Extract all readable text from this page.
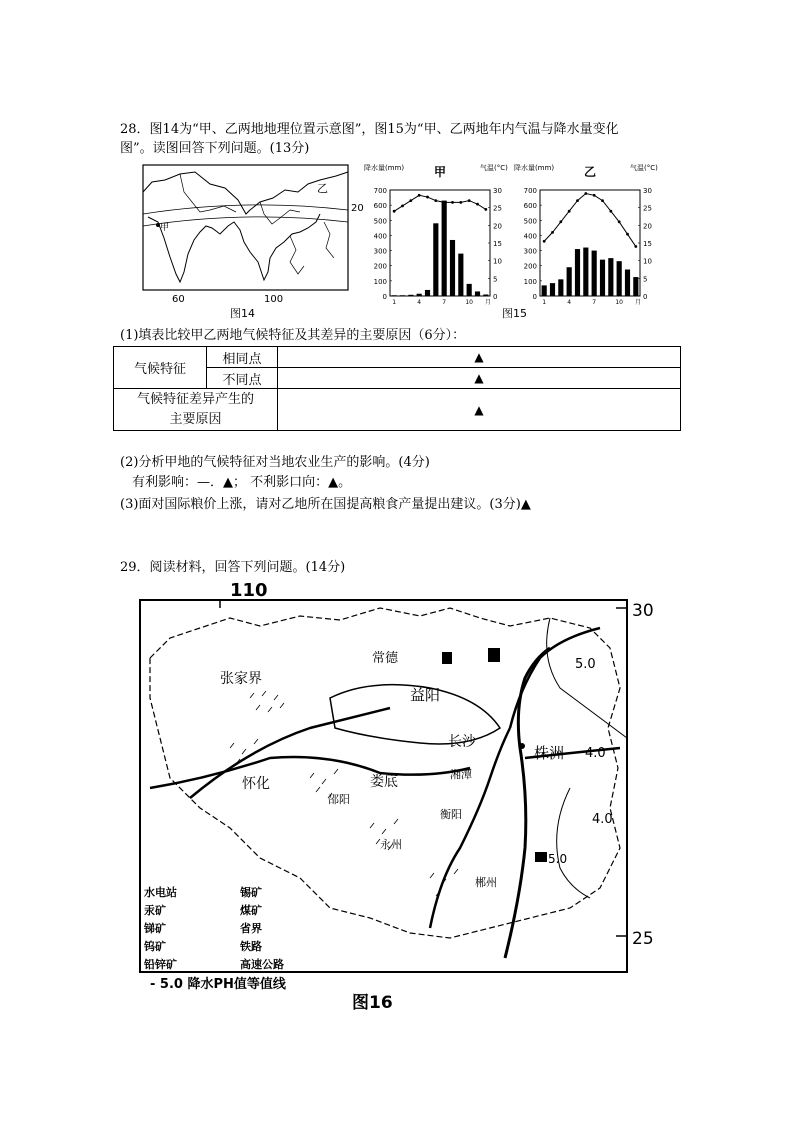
28．图14为“甲、乙两地地理位置示意图”，图15为“甲、乙两地年内气温与降水量变化
图”。读图回答下列问题。(13分)
乙
甲
20
60	100
图14
降水量(mm) 甲	气温(°C)
700
600
500
400
300
200
100
0
30
25
20
15
10
5
0
1	4	7	10 月
降水量(mm) 乙	气温(°C)
700
600
500
400
300
200
100
0
30
25
20
15
10
5
0
1	4	7	10 月
图15
(1)填表比较甲乙两地气候特征及其差异的主要原因（6分）：
气候特征	相同点	▲
	不同点	▲

气候特征差异产生的
主要原因		▲
(2)分析甲地的气候特征对当地农业生产的影响。(4分)
有利影响：—．▲； 不利影口向：▲。
(3)面对国际粮价上涨，请对乙地所在国提高粮食产量提出建议。(3分)▲
29．阅读材料，回答下列问题。(14分)
110
30
25
5.0
4.0
4.0
5.0
张家界
常德
益阳
长沙
株洲
娄底
怀化
邵阳
湘潭
衡阳
永州
郴州
水电站
汞矿
锑矿
钨矿
铅锌矿
锡矿
煤矿
省界
铁路
高速公路
- 5.0 降水PH值等值线
图16
